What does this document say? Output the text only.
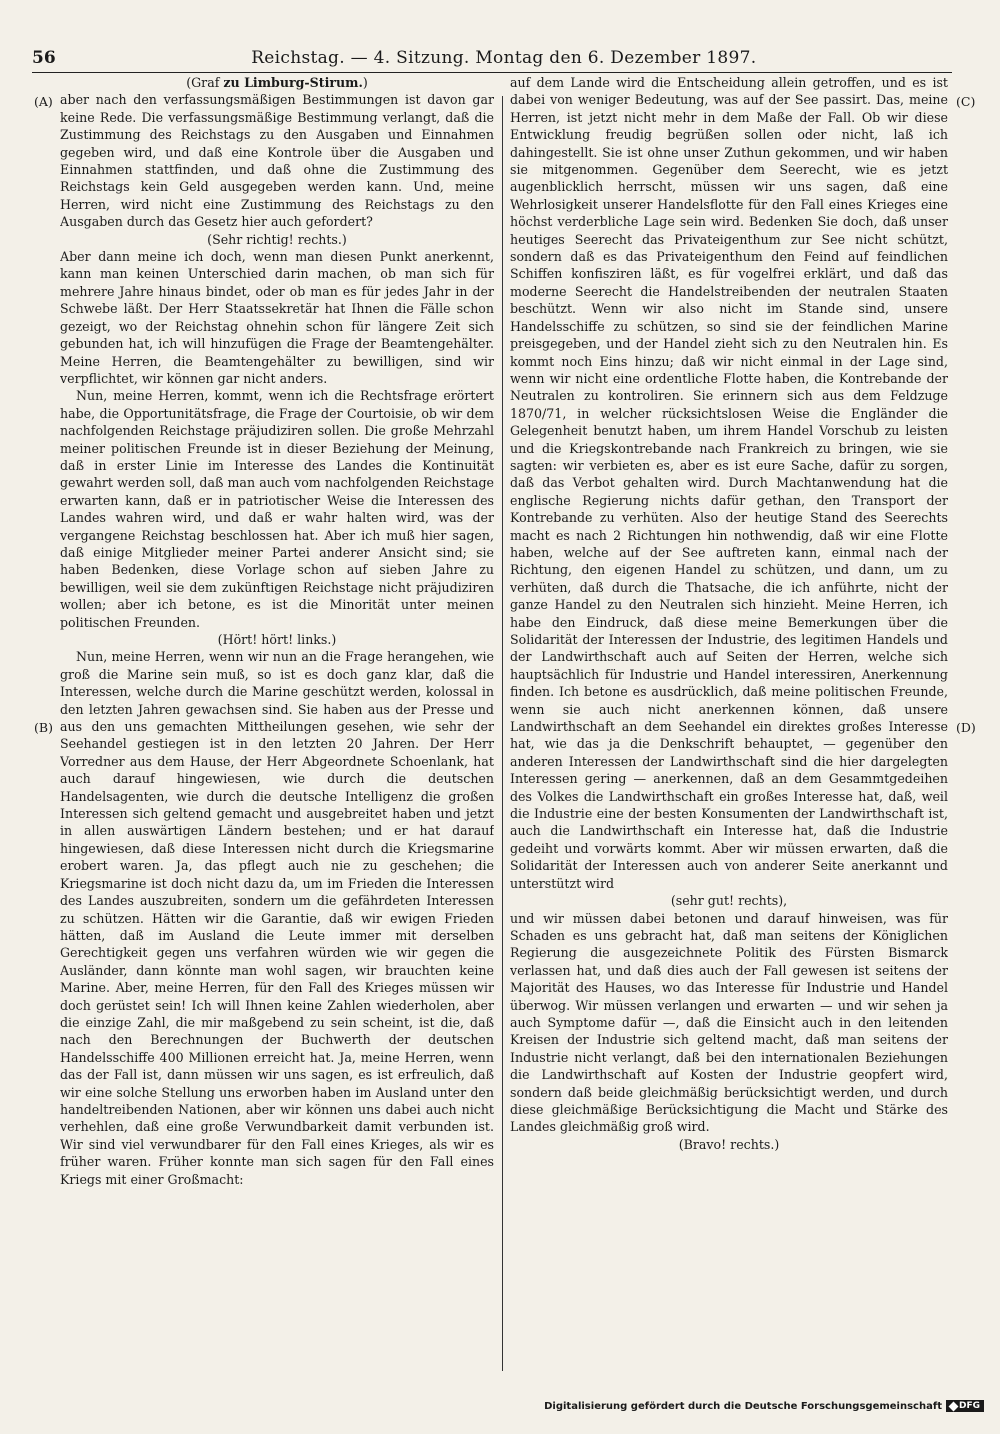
56	Reichstag. — 4. Sitzung. Montag den 6. Dezember 1897.
(A)
(B)
(C)
(D)
(Graf zu Limburg-Stirum.)

aber nach den verfassungsmäßigen Bestimmungen ist davon gar keine Rede. Die verfassungsmäßige Bestimmung verlangt, daß die Zustimmung des Reichstags zu den Ausgaben und Einnahmen gegeben wird, und daß eine Kontrole über die Ausgaben und Einnahmen stattfinden, und daß ohne die Zustimmung des Reichstags kein Geld ausgegeben werden kann. Und, meine Herren, wird nicht eine Zustimmung des Reichstags zu den Ausgaben durch das Gesetz hier auch gefordert?

(Sehr richtig! rechts.)

Aber dann meine ich doch, wenn man diesen Punkt anerkennt, kann man keinen Unterschied darin machen, ob man sich für mehrere Jahre hinaus bindet, oder ob man es für jedes Jahr in der Schwebe läßt. Der Herr Staatssekretär hat Ihnen die Fälle schon gezeigt, wo der Reichstag ohnehin schon für längere Zeit sich gebunden hat, ich will hinzufügen die Frage der Beamtengehälter. Meine Herren, die Beamtengehälter zu bewilligen, sind wir verpflichtet, wir können gar nicht anders.

Nun, meine Herren, kommt, wenn ich die Rechtsfrage erörtert habe, die Opportunitätsfrage, die Frage der Courtoisie, ob wir dem nachfolgenden Reichstage präjudiziren sollen. Die große Mehrzahl meiner politischen Freunde ist in dieser Beziehung der Meinung, daß in erster Linie im Interesse des Landes die Kontinuität gewahrt werden soll, daß man auch vom nachfolgenden Reichstage erwarten kann, daß er in patriotischer Weise die Interessen des Landes wahren wird, und daß er wahr halten wird, was der vergangene Reichstag beschlossen hat. Aber ich muß hier sagen, daß einige Mitglieder meiner Partei anderer Ansicht sind; sie haben Bedenken, diese Vorlage schon auf sieben Jahre zu bewilligen, weil sie dem zukünftigen Reichstage nicht präjudiziren wollen; aber ich betone, es ist die Minorität unter meinen politischen Freunden.

(Hört! hört! links.)

Nun, meine Herren, wenn wir nun an die Frage herangehen, wie groß die Marine sein muß, so ist es doch ganz klar, daß die Interessen, welche durch die Marine geschützt werden, kolossal in den letzten Jahren gewachsen sind. Sie haben aus der Presse und aus den uns gemachten Mittheilungen gesehen, wie sehr der Seehandel gestiegen ist in den letzten 20 Jahren. Der Herr Vorredner aus dem Hause, der Herr Abgeordnete Schoenlank, hat auch darauf hingewiesen, wie durch die deutschen Handelsagenten, wie durch die deutsche Intelligenz die großen Interessen sich geltend gemacht und ausgebreitet haben und jetzt in allen auswärtigen Ländern bestehen; und er hat darauf hingewiesen, daß diese Interessen nicht durch die Kriegsmarine erobert waren. Ja, das pflegt auch nie zu geschehen; die Kriegsmarine ist doch nicht dazu da, um im Frieden die Interessen des Landes auszubreiten, sondern um die gefährdeten Interessen zu schützen. Hätten wir die Garantie, daß wir ewigen Frieden hätten, daß im Ausland die Leute immer mit derselben Gerechtigkeit gegen uns verfahren würden wie wir gegen die Ausländer, dann könnte man wohl sagen, wir brauchten keine Marine. Aber, meine Herren, für den Fall des Krieges müssen wir doch gerüstet sein! Ich will Ihnen keine Zahlen wiederholen, aber die einzige Zahl, die mir maßgebend zu sein scheint, ist die, daß nach den Berechnungen der Buchwerth der deutschen Handelsschiffe 400 Millionen erreicht hat. Ja, meine Herren, wenn das der Fall ist, dann müssen wir uns sagen, es ist erfreulich, daß wir eine solche Stellung uns erworben haben im Ausland unter den handeltreibenden Nationen, aber wir können uns dabei auch nicht verhehlen, daß eine große Verwundbarkeit damit verbunden ist. Wir sind viel verwundbarer für den Fall eines Krieges, als wir es früher waren. Früher konnte man sich sagen für den Fall eines Kriegs mit einer Großmacht:

auf dem Lande wird die Entscheidung allein getroffen, und es ist dabei von weniger Bedeutung, was auf der See passirt. Das, meine Herren, ist jetzt nicht mehr in dem Maße der Fall. Ob wir diese Entwicklung freudig begrüßen sollen oder nicht, laß ich dahingestellt. Sie ist ohne unser Zuthun gekommen, und wir haben sie mitgenommen. Gegenüber dem Seerecht, wie es jetzt augenblicklich herrscht, müssen wir uns sagen, daß eine Wehrlosigkeit unserer Handelsflotte für den Fall eines Krieges eine höchst verderbliche Lage sein wird. Bedenken Sie doch, daß unser heutiges Seerecht das Privateigenthum zur See nicht schützt, sondern daß es das Privateigenthum den Feind auf feindlichen Schiffen konfisziren läßt, es für vogelfrei erklärt, und daß das moderne Seerecht die Handelstreibenden der neutralen Staaten beschützt. Wenn wir also nicht im Stande sind, unsere Handelsschiffe zu schützen, so sind sie der feindlichen Marine preisgegeben, und der Handel zieht sich zu den Neutralen hin. Es kommt noch Eins hinzu; daß wir nicht einmal in der Lage sind, wenn wir nicht eine ordentliche Flotte haben, die Kontrebande der Neutralen zu kontroliren. Sie erinnern sich aus dem Feldzuge 1870/71, in welcher rücksichtslosen Weise die Engländer die Gelegenheit benutzt haben, um ihrem Handel Vorschub zu leisten und die Kriegskontrebande nach Frankreich zu bringen, wie sie sagten: wir verbieten es, aber es ist eure Sache, dafür zu sorgen, daß das Verbot gehalten wird. Durch Machtanwendung hat die englische Regierung nichts dafür gethan, den Transport der Kontrebande zu verhüten. Also der heutige Stand des Seerechts macht es nach 2 Richtungen hin nothwendig, daß wir eine Flotte haben, welche auf der See auftreten kann, einmal nach der Richtung, den eigenen Handel zu schützen, und dann, um zu verhüten, daß durch die Thatsache, die ich anführte, nicht der ganze Handel zu den Neutralen sich hinzieht. Meine Herren, ich habe den Eindruck, daß diese meine Bemerkungen über die Solidarität der Interessen der Industrie, des legitimen Handels und der Landwirthschaft auch auf Seiten der Herren, welche sich hauptsächlich für Industrie und Handel interessiren, Anerkennung finden. Ich betone es ausdrücklich, daß meine politischen Freunde, wenn sie auch nicht anerkennen können, daß unsere Landwirthschaft an dem Seehandel ein direktes großes Interesse hat, wie das ja die Denkschrift behauptet, — gegenüber den anderen Interessen der Landwirthschaft sind die hier dargelegten Interessen gering — anerkennen, daß an dem Gesammtgedeihen des Volkes die Landwirthschaft ein großes Interesse hat, daß, weil die Industrie eine der besten Konsumenten der Landwirthschaft ist, auch die Landwirthschaft ein Interesse hat, daß die Industrie gedeiht und vorwärts kommt. Aber wir müssen erwarten, daß die Solidarität der Interessen auch von anderer Seite anerkannt und unterstützt wird

(sehr gut! rechts),

und wir müssen dabei betonen und darauf hinweisen, was für Schaden es uns gebracht hat, daß man seitens der Königlichen Regierung die ausgezeichnete Politik des Fürsten Bismarck verlassen hat, und daß dies auch der Fall gewesen ist seitens der Majorität des Hauses, wo das Interesse für Industrie und Handel überwog. Wir müssen verlangen und erwarten — und wir sehen ja auch Symptome dafür —, daß die Einsicht auch in den leitenden Kreisen der Industrie sich geltend macht, daß man seitens der Industrie nicht verlangt, daß bei den internationalen Beziehungen die Landwirthschaft auf Kosten der Industrie geopfert wird, sondern daß beide gleichmäßig berücksichtigt werden, und durch diese gleichmäßige Berücksichtigung die Macht und Stärke des Landes gleichmäßig groß wird.

(Bravo! rechts.)

Digitalisierung gefördert durch die Deutsche Forschungsgemeinschaft DFG
